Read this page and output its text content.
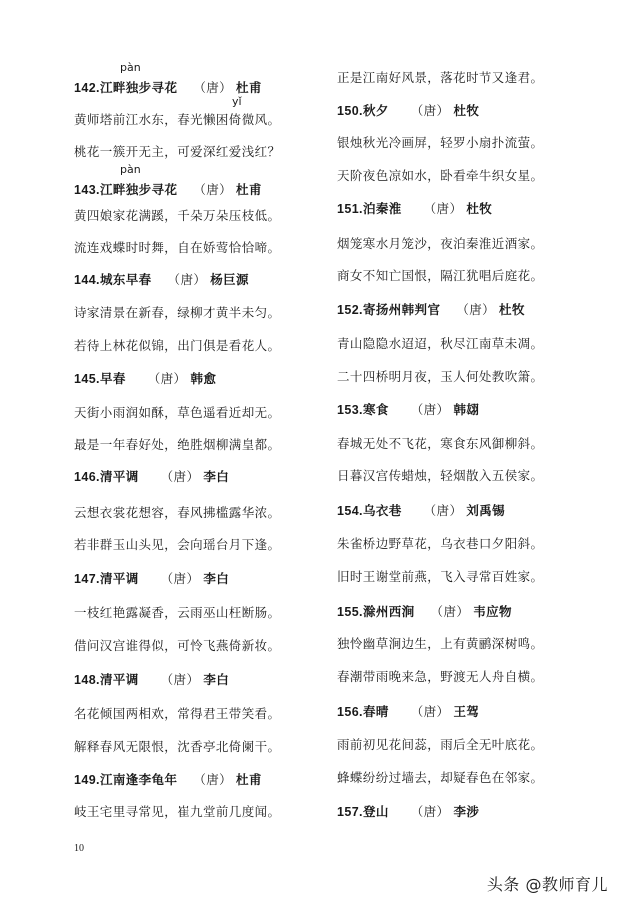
pàn
142.江畔独步寻花 （唐） 杜甫
yǐ
黄师塔前江水东，春光懒困倚微风。
桃花一簇开无主，可爱深红爱浅红？
pàn
143.江畔独步寻花 （唐） 杜甫
黄四娘家花满蹊，千朵万朵压枝低。
流连戏蝶时时舞，自在娇莺恰恰啼。
144.城东早春 （唐） 杨巨源
诗家清景在新春，绿柳才黄半未匀。
若待上林花似锦，出门俱是看花人。
145.早春 （唐） 韩愈
天街小雨润如酥，草色遥看近却无。
最是一年春好处，绝胜烟柳满皇都。
146.清平调 （唐） 李白
云想衣裳花想容，春风拂槛露华浓。
若非群玉山头见，会向瑶台月下逢。
147.清平调 （唐） 李白
一枝红艳露凝香，云雨巫山枉断肠。
借问汉宫谁得似，可怜飞燕倚新妆。
148.清平调 （唐） 李白
名花倾国两相欢，常得君王带笑看。
解释春风无限恨，沈香亭北倚阑干。
149.江南逢李龟年 （唐） 杜甫
岐王宅里寻常见，崔九堂前几度闻。
正是江南好风景，落花时节又逢君。
150.秋夕 （唐） 杜牧
银烛秋光冷画屏，轻罗小扇扑流萤。
天阶夜色凉如水，卧看牵牛织女星。
151.泊秦淮 （唐） 杜牧
烟笼寒水月笼沙，夜泊秦淮近酒家。
商女不知亡国恨，隔江犹唱后庭花。
152.寄扬州韩判官 （唐） 杜牧
青山隐隐水迢迢，秋尽江南草未凋。
二十四桥明月夜，玉人何处教吹箫。
153.寒食 （唐） 韩翃
春城无处不飞花，寒食东风御柳斜。
日暮汉宫传蜡烛，轻烟散入五侯家。
154.乌衣巷 （唐） 刘禹锡
朱雀桥边野草花，乌衣巷口夕阳斜。
旧时王谢堂前燕，飞入寻常百姓家。
155.滁州西涧 （唐） 韦应物
独怜幽草涧边生，上有黄鹂深树鸣。
春潮带雨晚来急，野渡无人舟自横。
156.春晴 （唐） 王驾
雨前初见花间蕊，雨后全无叶底花。
蜂蝶纷纷过墙去，却疑春色在邻家。
157.登山 （唐） 李涉
10
头条 @教师育儿
